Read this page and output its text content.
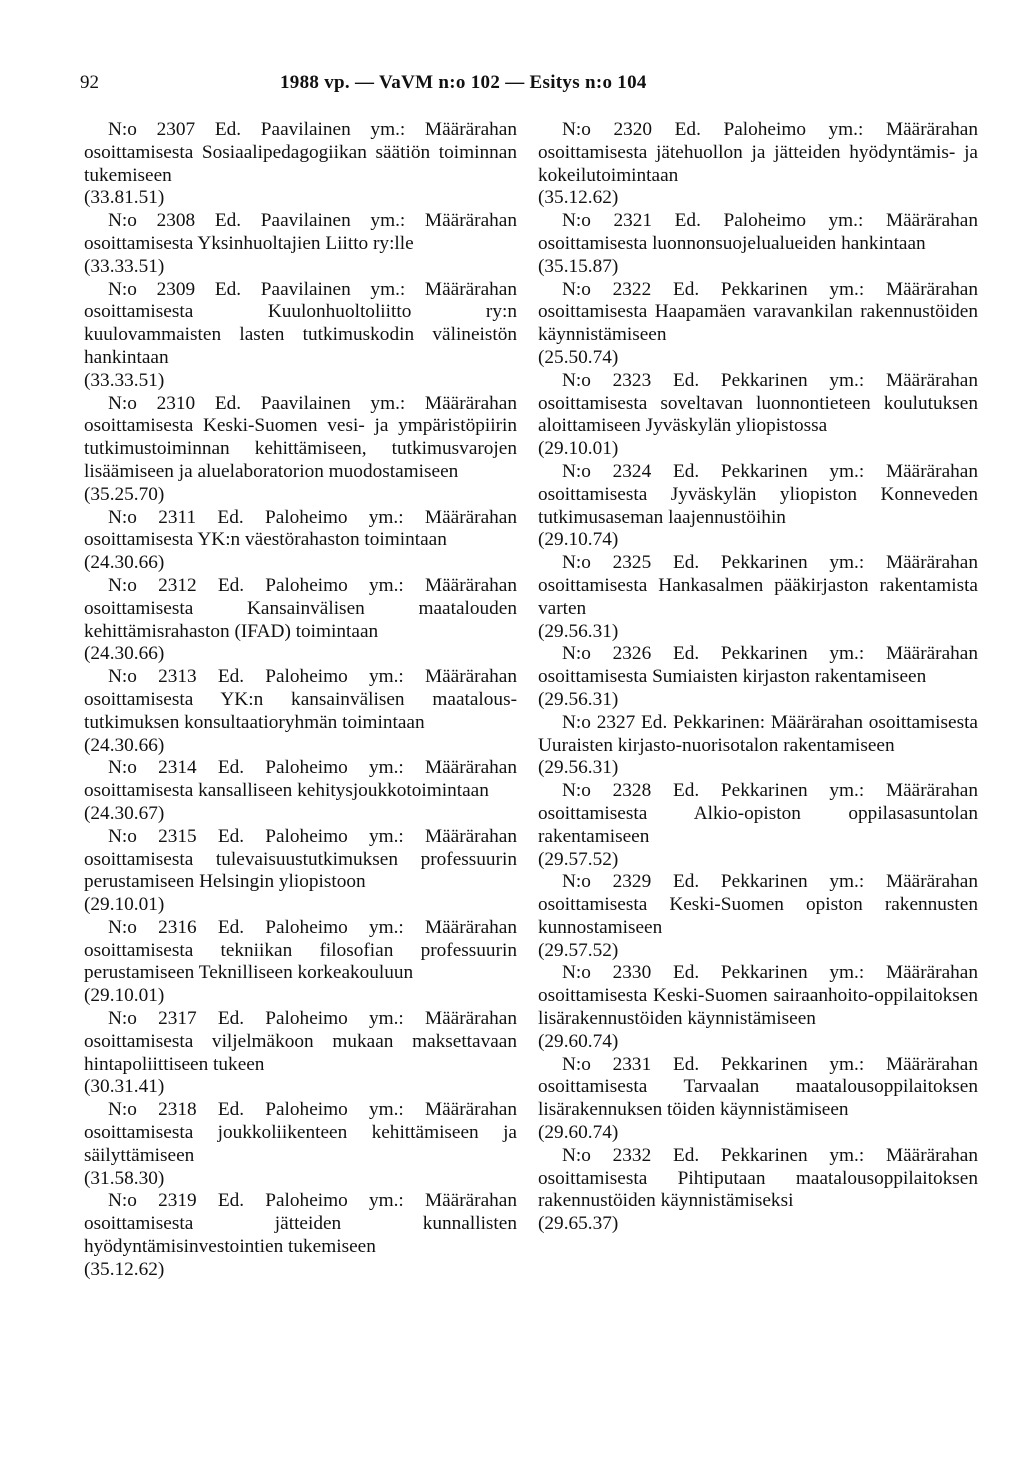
92	1988 vp. — VaVM n:o 102 — Esitys n:o 104
N:o 2307 Ed. Paavilainen ym.: Määrärahan osoittamisesta Sosiaalipedagogiikan säätiön toiminnan tukemiseen
(33.81.51)
N:o 2308 Ed. Paavilainen ym.: Määrärahan osoittamisesta Yksinhuoltajien Liitto ry:lle
(33.33.51)
N:o 2309 Ed. Paavilainen ym.: Määrärahan osoittamisesta Kuulonhuoltoliitto ry:n kuulovammaisten lasten tutkimuskodin välineistön hankintaan
(33.33.51)
N:o 2310 Ed. Paavilainen ym.: Määrärahan osoittamisesta Keski-Suomen vesi- ja ympäristöpiirin tutkimustoiminnan kehittämiseen, tutkimusvarojen lisäämiseen ja aluelaboratorion muodostamiseen
(35.25.70)
N:o 2311 Ed. Paloheimo ym.: Määrärahan osoittamisesta YK:n väestörahaston toimintaan
(24.30.66)
N:o 2312 Ed. Paloheimo ym.: Määrärahan osoittamisesta Kansainvälisen maatalouden kehittämisrahaston (IFAD) toimintaan
(24.30.66)
N:o 2313 Ed. Paloheimo ym.: Määrärahan osoittamisesta YK:n kansainvälisen maatalous-tutkimuksen konsultaatioryhmän toimintaan
(24.30.66)
N:o 2314 Ed. Paloheimo ym.: Määrärahan osoittamisesta kansalliseen kehitysjoukkotoimintaan
(24.30.67)
N:o 2315 Ed. Paloheimo ym.: Määrärahan osoittamisesta tulevaisuustutkimuksen professuurin perustamiseen Helsingin yliopistoon
(29.10.01)
N:o 2316 Ed. Paloheimo ym.: Määrärahan osoittamisesta tekniikan filosofian professuurin perustamiseen Teknilliseen korkeakouluun
(29.10.01)
N:o 2317 Ed. Paloheimo ym.: Määrärahan osoittamisesta viljelmäkoon mukaan maksettavaan hintapoliittiseen tukeen
(30.31.41)
N:o 2318 Ed. Paloheimo ym.: Määrärahan osoittamisesta joukkoliikenteen kehittämiseen ja säilyttämiseen
(31.58.30)
N:o 2319 Ed. Paloheimo ym.: Määrärahan osoittamisesta jätteiden kunnallisten hyödyntämisinvestointien tukemiseen
(35.12.62)
N:o 2320 Ed. Paloheimo ym.: Määrärahan osoittamisesta jätehuollon ja jätteiden hyödyntämis- ja kokeilutoimintaan
(35.12.62)
N:o 2321 Ed. Paloheimo ym.: Määrärahan osoittamisesta luonnonsuojelualueiden hankintaan
(35.15.87)
N:o 2322 Ed. Pekkarinen ym.: Määrärahan osoittamisesta Haapamäen varavankilan rakennustöiden käynnistämiseen
(25.50.74)
N:o 2323 Ed. Pekkarinen ym.: Määrärahan osoittamisesta soveltavan luonnontieteen koulutuksen aloittamiseen Jyväskylän yliopistossa
(29.10.01)
N:o 2324 Ed. Pekkarinen ym.: Määrärahan osoittamisesta Jyväskylän yliopiston Konneveden tutkimusaseman laajennustöihin
(29.10.74)
N:o 2325 Ed. Pekkarinen ym.: Määrärahan osoittamisesta Hankasalmen pääkirjaston rakentamista varten
(29.56.31)
N:o 2326 Ed. Pekkarinen ym.: Määrärahan osoittamisesta Sumiaisten kirjaston rakentamiseen
(29.56.31)
N:o 2327 Ed. Pekkarinen: Määrärahan osoittamisesta Uuraisten kirjasto-nuorisotalon rakentamiseen
(29.56.31)
N:o 2328 Ed. Pekkarinen ym.: Määrärahan osoittamisesta Alkio-opiston oppilasasuntolan rakentamiseen
(29.57.52)
N:o 2329 Ed. Pekkarinen ym.: Määrärahan osoittamisesta Keski-Suomen opiston rakennusten kunnostamiseen
(29.57.52)
N:o 2330 Ed. Pekkarinen ym.: Määrärahan osoittamisesta Keski-Suomen sairaanhoito-oppilaitoksen lisärakennustöiden käynnistämiseen
(29.60.74)
N:o 2331 Ed. Pekkarinen ym.: Määrärahan osoittamisesta Tarvaalan maatalousoppilaitoksen lisärakennuksen töiden käynnistämiseen
(29.60.74)
N:o 2332 Ed. Pekkarinen ym.: Määrärahan osoittamisesta Pihtiputaan maatalousoppilaitoksen rakennustöiden käynnistämiseksi
(29.65.37)
